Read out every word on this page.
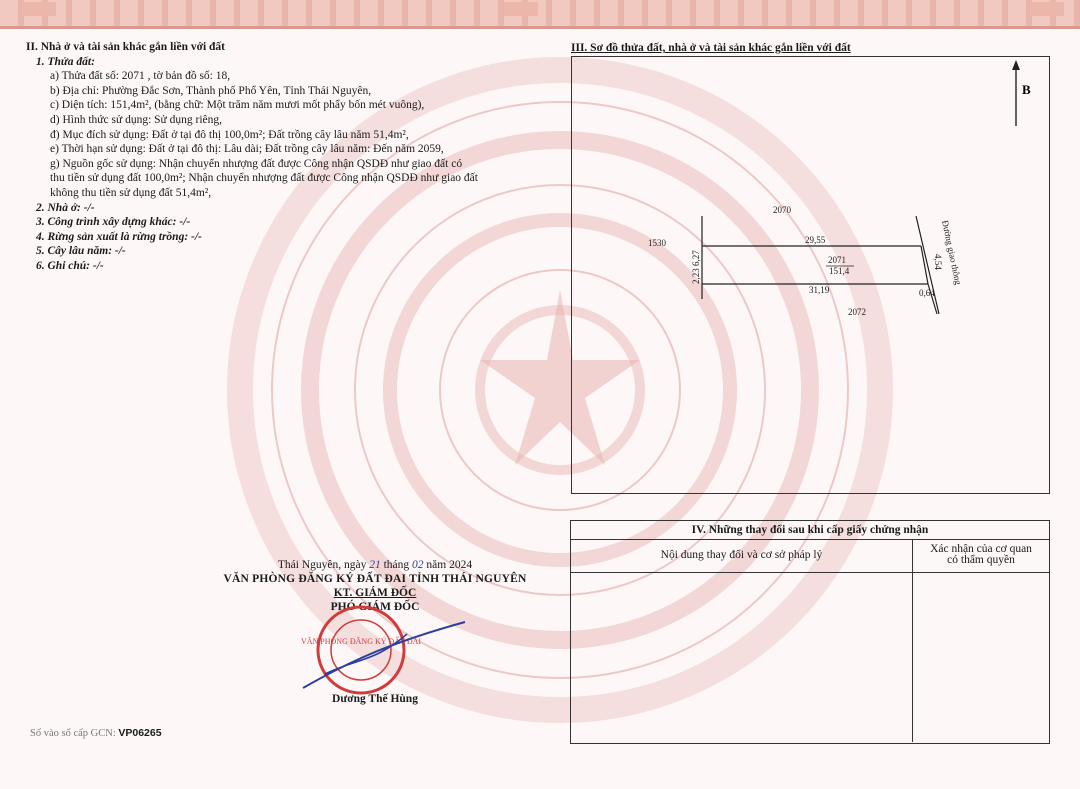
II. Nhà ở và tài sản khác gắn liền với đất
1. Thửa đất:
a) Thửa đất số: 2071 , tờ bản đồ số: 18,
b) Địa chỉ: Phường Đắc Sơn, Thành phố Phổ Yên, Tỉnh Thái Nguyên,
c) Diện tích: 151,4m², (bằng chữ: Một trăm năm mươi mốt phẩy bốn mét vuông),
d) Hình thức sử dụng: Sử dụng riêng,
đ) Mục đích sử dụng: Đất ở tại đô thị 100,0m²; Đất trồng cây lâu năm 51,4m²,
e) Thời hạn sử dụng: Đất ở tại đô thị: Lâu dài; Đất trồng cây lâu năm: Đến năm 2059,
g) Nguồn gốc sử dụng: Nhận chuyển nhượng đất được Công nhận QSDĐ như giao đất có
thu tiền sử dụng đất 100,0m²; Nhận chuyển nhượng đất được Công nhận QSDĐ như giao đất
không thu tiền sử dụng đất 51,4m²,
2. Nhà ở: -/-
3. Công trình xây dựng khác: -/-
4. Rừng sản xuất là rừng trồng: -/-
5. Cây lâu năm: -/-
6. Ghi chú: -/-
Thái Nguyên, ngày 21 tháng 02 năm 2024
VĂN PHÒNG ĐĂNG KÝ ĐẤT ĐAI TỈNH THÁI NGUYÊN
KT. GIÁM ĐỐC
PHÓ GIÁM ĐỐC
Dương Thế Hùng
VĂN PHÒNG ĐĂNG KÝ ĐẤT ĐAI
Số vào sổ cấp GCN: VP06265
III. Sơ đồ thửa đất, nhà ở và tài sản khác gắn liền với đất
B
2070
1530
2072
29,55
31,19
2071
151,4
0,64
2,23 6,27	4,54
Đường giao thông
IV. Những thay đổi sau khi cấp giấy chứng nhận
Nội dung thay đổi và cơ sở pháp lý	Xác nhận của cơ quan
có thẩm quyền
